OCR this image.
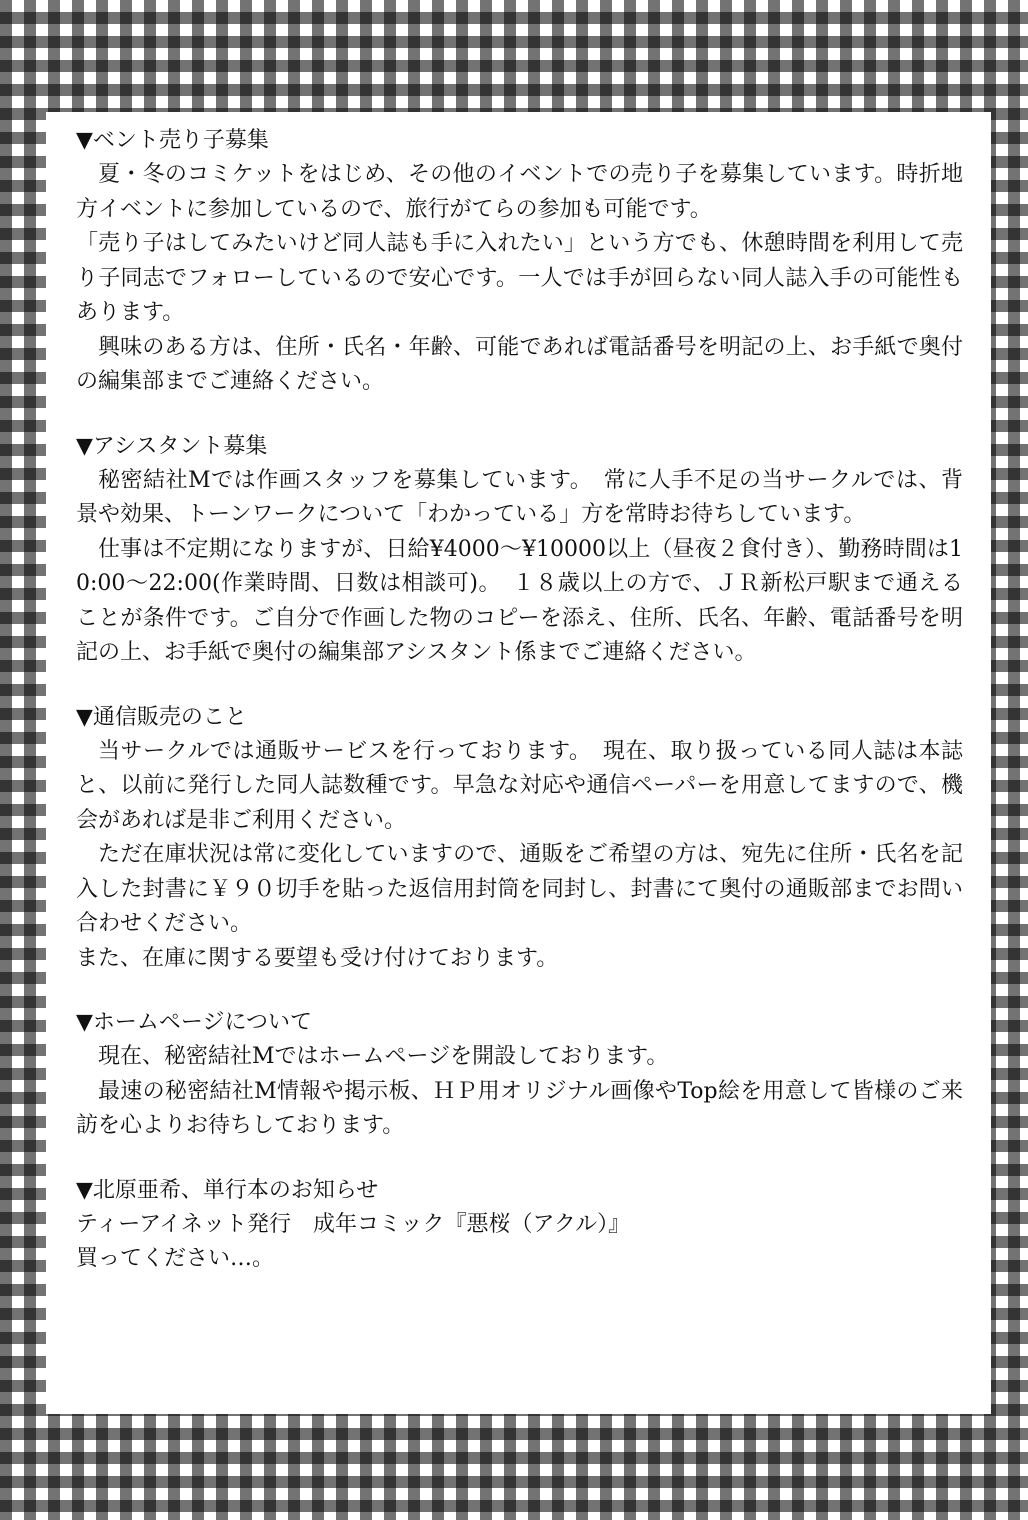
▼ベント売り子募集

夏・冬のコミケットをはじめ、その他のイベントでの売り子を募集しています。時折地方イベントに参加しているので、旅行がてらの参加も可能です。

「売り子はしてみたいけど同人誌も手に入れたい」という方でも、休憩時間を利用して売り子同志でフォローしているので安心です。一人では手が回らない同人誌入手の可能性もあります。

興味のある方は、住所・氏名・年齢、可能であれば電話番号を明記の上、お手紙で奥付の編集部までご連絡ください。

▼アシスタント募集

秘密結社Mでは作画スタッフを募集しています。　常に人手不足の当サークルでは、背景や効果、トーンワークについて「わかっている」方を常時お待ちしています。

仕事は不定期になりますが、日給¥4000～¥10000以上（昼夜２食付き）、勤務時間は10:00～22:00(作業時間、日数は相談可)。　１８歳以上の方で、ＪＲ新松戸駅まで通えることが条件です。ご自分で作画した物のコピーを添え、住所、氏名、年齢、電話番号を明記の上、お手紙で奥付の編集部アシスタント係までご連絡ください。

▼通信販売のこと

当サークルでは通販サービスを行っております。　現在、取り扱っている同人誌は本誌と、以前に発行した同人誌数種です。早急な対応や通信ペーパーを用意してますので、機会があれば是非ご利用ください。

ただ在庫状況は常に変化していますので、通販をご希望の方は、宛先に住所・氏名を記入した封書に￥９０切手を貼った返信用封筒を同封し、封書にて奥付の通販部までお問い合わせください。

また、在庫に関する要望も受け付けております。

▼ホームページについて

現在、秘密結社Mではホームページを開設しております。

最速の秘密結社M情報や掲示板、ＨＰ用オリジナル画像やTop絵を用意して皆様のご来訪を心よりお待ちしております。

▼北原亜希、単行本のお知らせ

ティーアイネット発行　成年コミック『悪桜（アクル）』

買ってください…。
